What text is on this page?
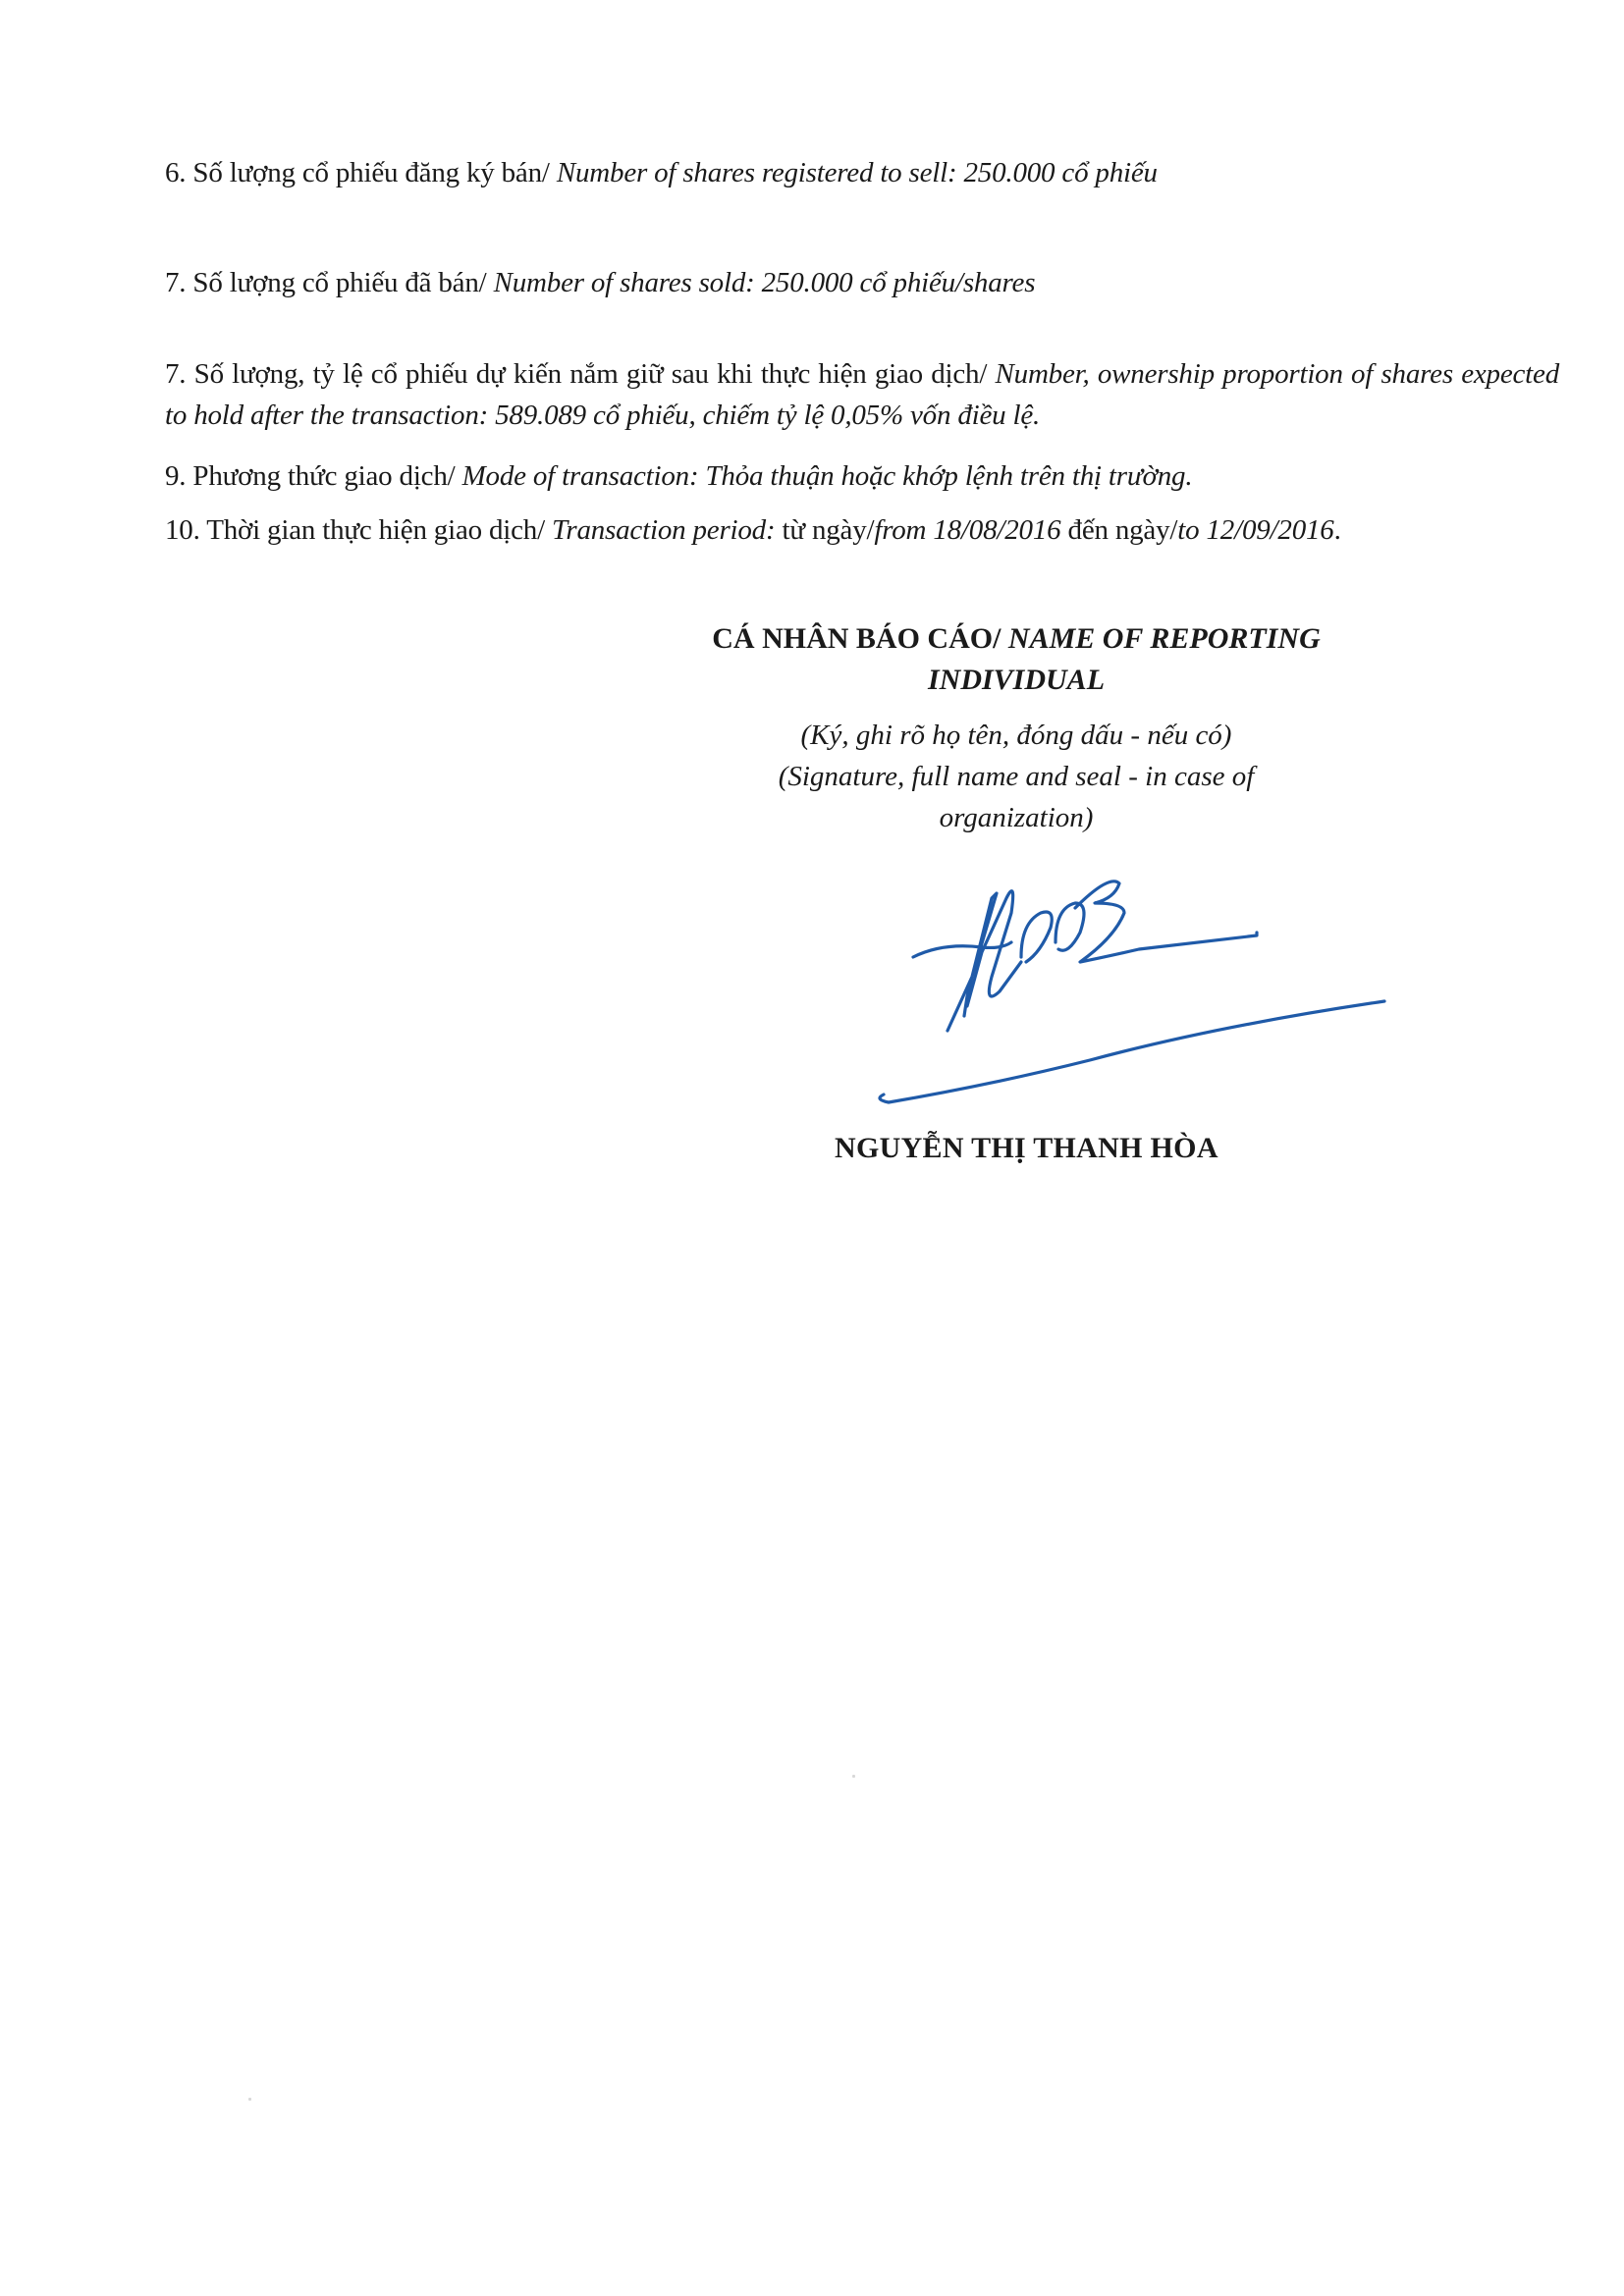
6. Số lượng cổ phiếu đăng ký bán/ Number of shares registered to sell: 250.000 cổ phiếu
7. Số lượng cổ phiếu đã bán/ Number of shares sold: 250.000 cổ phiếu/shares
7. Số lượng, tỷ lệ cổ phiếu dự kiến nắm giữ sau khi thực hiện giao dịch/ Number, ownership proportion of shares expected to hold after the transaction: 589.089 cổ phiếu, chiếm tỷ lệ 0,05% vốn điều lệ.
9. Phương thức giao dịch/ Mode of transaction: Thỏa thuận hoặc khớp lệnh trên thị trường.
10. Thời gian thực hiện giao dịch/ Transaction period: từ ngày/from 18/08/2016 đến ngày/to 12/09/2016.
CÁ NHÂN BÁO CÁO/ NAME OF REPORTING
INDIVIDUAL
(Ký, ghi rõ họ tên, đóng dấu - nếu có)
(Signature, full name and seal - in case of
organization)
NGUYỄN THỊ THANH HÒA
